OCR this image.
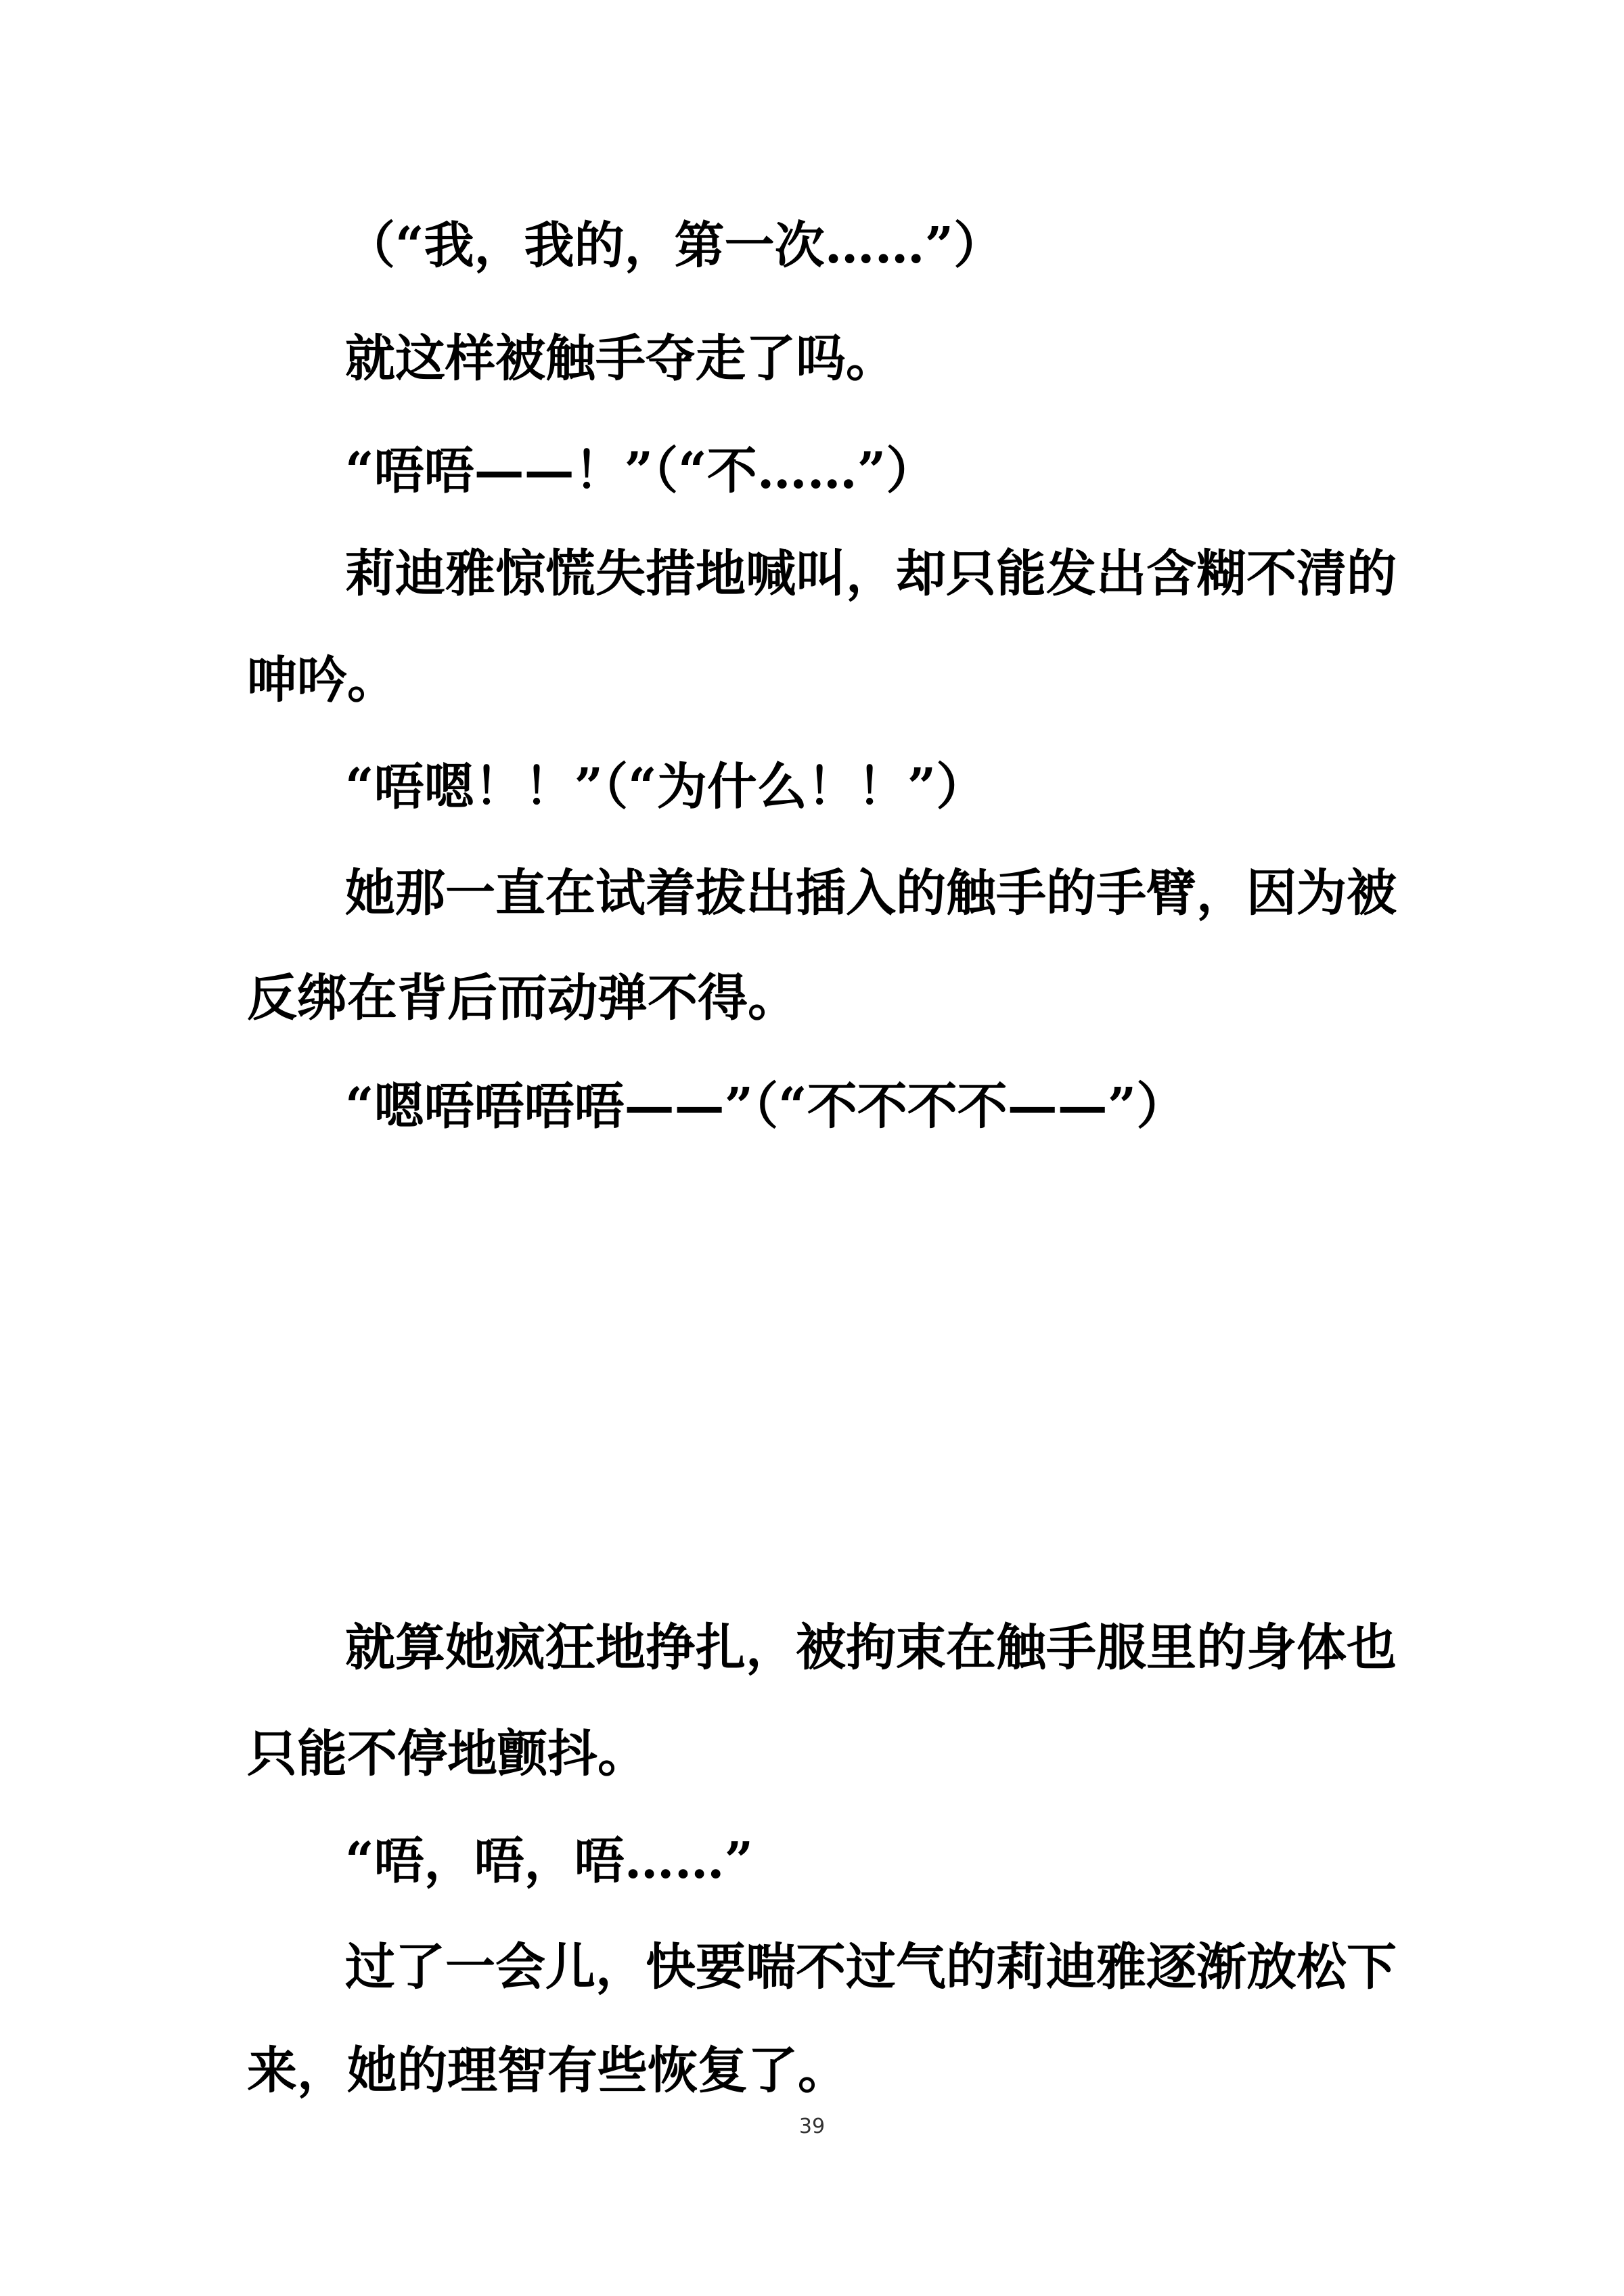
（“我，我的，第一次……”）
就这样被触手夺走了吗。
“唔唔——！”（“不……”）
莉迪雅惊慌失措地喊叫，却只能发出含糊不清的
呻吟。
“唔嗯！！”（“为什么！！”）
她那一直在试着拔出插入的触手的手臂，因为被
反绑在背后而动弹不得。
“嗯唔唔唔唔——”（“不不不不——”）
就算她疯狂地挣扎，被拘束在触手服里的身体也
只能不停地颤抖。
“唔，唔，唔……”
过了一会儿，快要喘不过气的莉迪雅逐渐放松下
来，她的理智有些恢复了。
39
